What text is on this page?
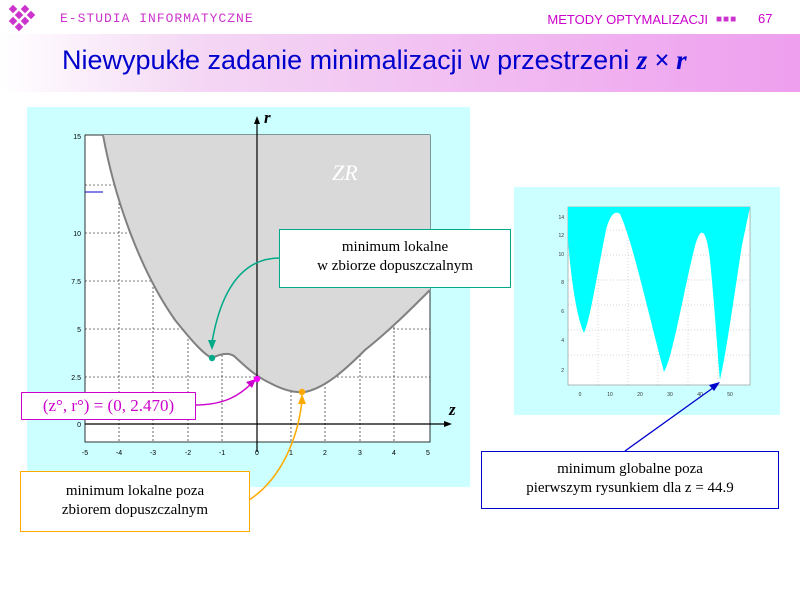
E-STUDIA INFORMATYCZNE	METODY OPTYMALIZACJI ■■■ 67
Niewypukłe zadanie minimalizacji w przestrzeni z × r
-5	-4	-3	-2	-1	0	1	2	3	4	5
0
2.5
5
7.5
10
15
0	10	20	30	40	50
2
4
6
8
10
12
14
ZR
r
z
(z°, r°) = (0, 2.470)
minimum lokalne
w zbiorze dopuszczalnym
minimum lokalne poza
zbiorem dopuszczalnym
minimum globalne poza
pierwszym rysunkiem dla z = 44.9
